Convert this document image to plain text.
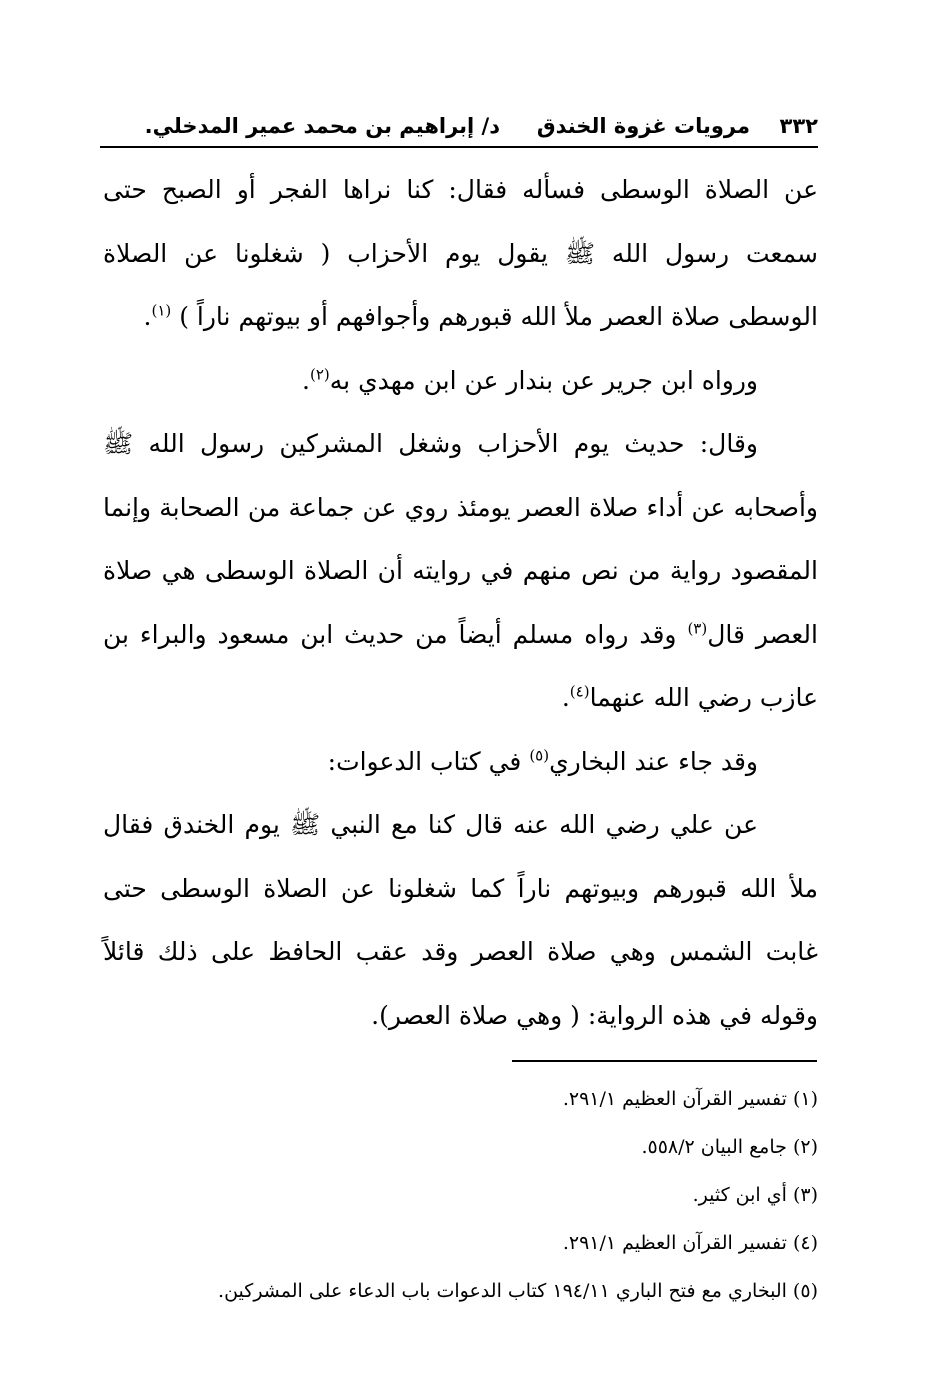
٣٣٢
مرويات غزوة الخندق
د/ إبراهيم بن محمد عمير المدخلي.

عن الصلاة الوسطى فسأله فقال: كنا نراها الفجر أو الصبح حتى سمعت رسول الله ﷺ يقول يوم الأحزاب ( شغلونا عن الصلاة الوسطى صلاة العصر ملأ الله قبورهم وأجوافهم أو بيوتهم ناراً ) $^{(١)}$.

ورواه ابن جرير عن بندار عن ابن مهدي به$^{(٢)}$.

وقال: حديث يوم الأحزاب وشغل المشركين رسول الله ﷺ وأصحابه عن أداء صلاة العصر يومئذ روي عن جماعة من الصحابة وإنما المقصود رواية من نص منهم في روايته أن الصلاة الوسطى هي صلاة العصر قال$^{(٣)}$ وقد رواه مسلم أيضاً من حديث ابن مسعود والبراء بن عازب رضي الله عنهما$^{(٤)}$.

وقد جاء عند البخاري$^{(٥)}$ في كتاب الدعوات:

عن علي رضي الله عنه قال كنا مع النبي ﷺ يوم الخندق فقال ملأ الله قبورهم وبيوتهم ناراً كما شغلونا عن الصلاة الوسطى حتى غابت الشمس وهي صلاة العصر وقد عقب الحافظ على ذلك قائلاً وقوله في هذه الرواية: ( وهي صلاة العصر).

(١) تفسير القرآن العظيم ٢٩١/١.

(٢) جامع البيان ٥٥٨/٢.

(٣) أي ابن كثير.

(٤) تفسير القرآن العظيم ٢٩١/١.

(٥) البخاري مع فتح الباري ١٩٤/١١ كتاب الدعوات باب الدعاء على المشركين.
